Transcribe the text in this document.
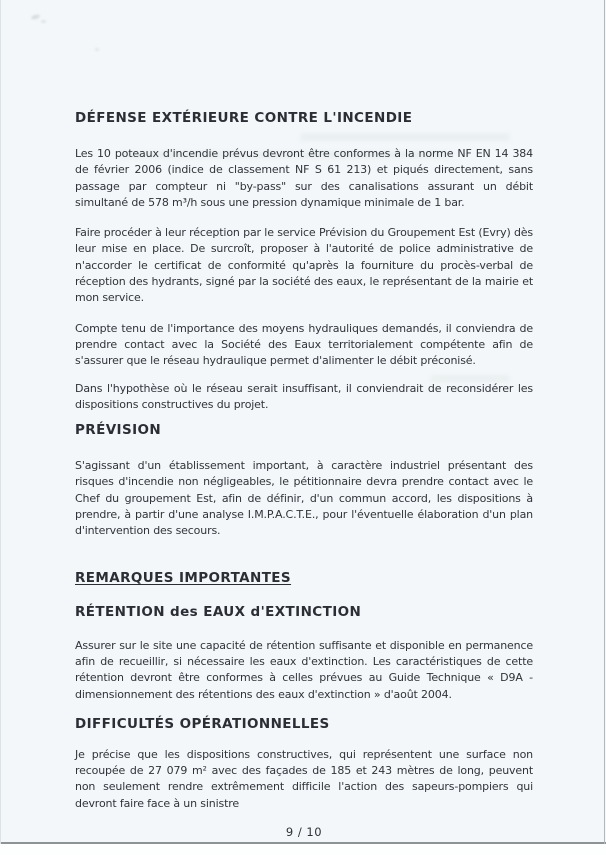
DÉFENSE EXTÉRIEURE CONTRE L'INCENDIE

Les 10 poteaux d'incendie prévus devront être conformes à la norme NF EN 14 384 de février 2006 (indice de classement NF S 61 213) et piqués directement, sans passage par compteur ni "by-pass" sur des canalisations assurant un débit simultané de 578 m³/h sous une pression dynamique minimale de 1 bar.

Faire procéder à leur réception par le service Prévision du Groupement Est (Evry) dès leur mise en place. De surcroît, proposer à l'autorité de police administrative de n'accorder le certificat de conformité qu'après la fourniture du procès-verbal de réception des hydrants, signé par la société des eaux, le représentant de la mairie et mon service.

Compte tenu de l'importance des moyens hydrauliques demandés, il conviendra de prendre contact avec la Société des Eaux territorialement compétente afin de s'assurer que le réseau hydraulique permet d'alimenter le débit préconisé.

Dans l'hypothèse où le réseau serait insuffisant, il conviendrait de reconsidérer les dispositions constructives du projet.

PRÉVISION

S'agissant d'un établissement important, à caractère industriel présentant des risques d'incendie non négligeables, le pétitionnaire devra prendre contact avec le Chef du groupement Est, afin de définir, d'un commun accord, les dispositions à prendre, à partir d'une analyse I.M.P.A.C.T.E., pour l'éventuelle élaboration d'un plan d'intervention des secours.

REMARQUES IMPORTANTES
RÉTENTION des EAUX d'EXTINCTION

Assurer sur le site une capacité de rétention suffisante et disponible en permanence afin de recueillir, si nécessaire les eaux d'extinction. Les caractéristiques de cette rétention devront être conformes à celles prévues au Guide Technique « D9A - dimensionnement des rétentions des eaux d'extinction » d'août 2004.

DIFFICULTÉS OPÉRATIONNELLES

Je précise que les dispositions constructives, qui représentent une surface non recoupée de 27 079 m² avec des façades de 185 et 243 mètres de long, peuvent non seulement rendre extrêmement difficile l'action des sapeurs-pompiers qui devront faire face à un sinistre

9 / 10
